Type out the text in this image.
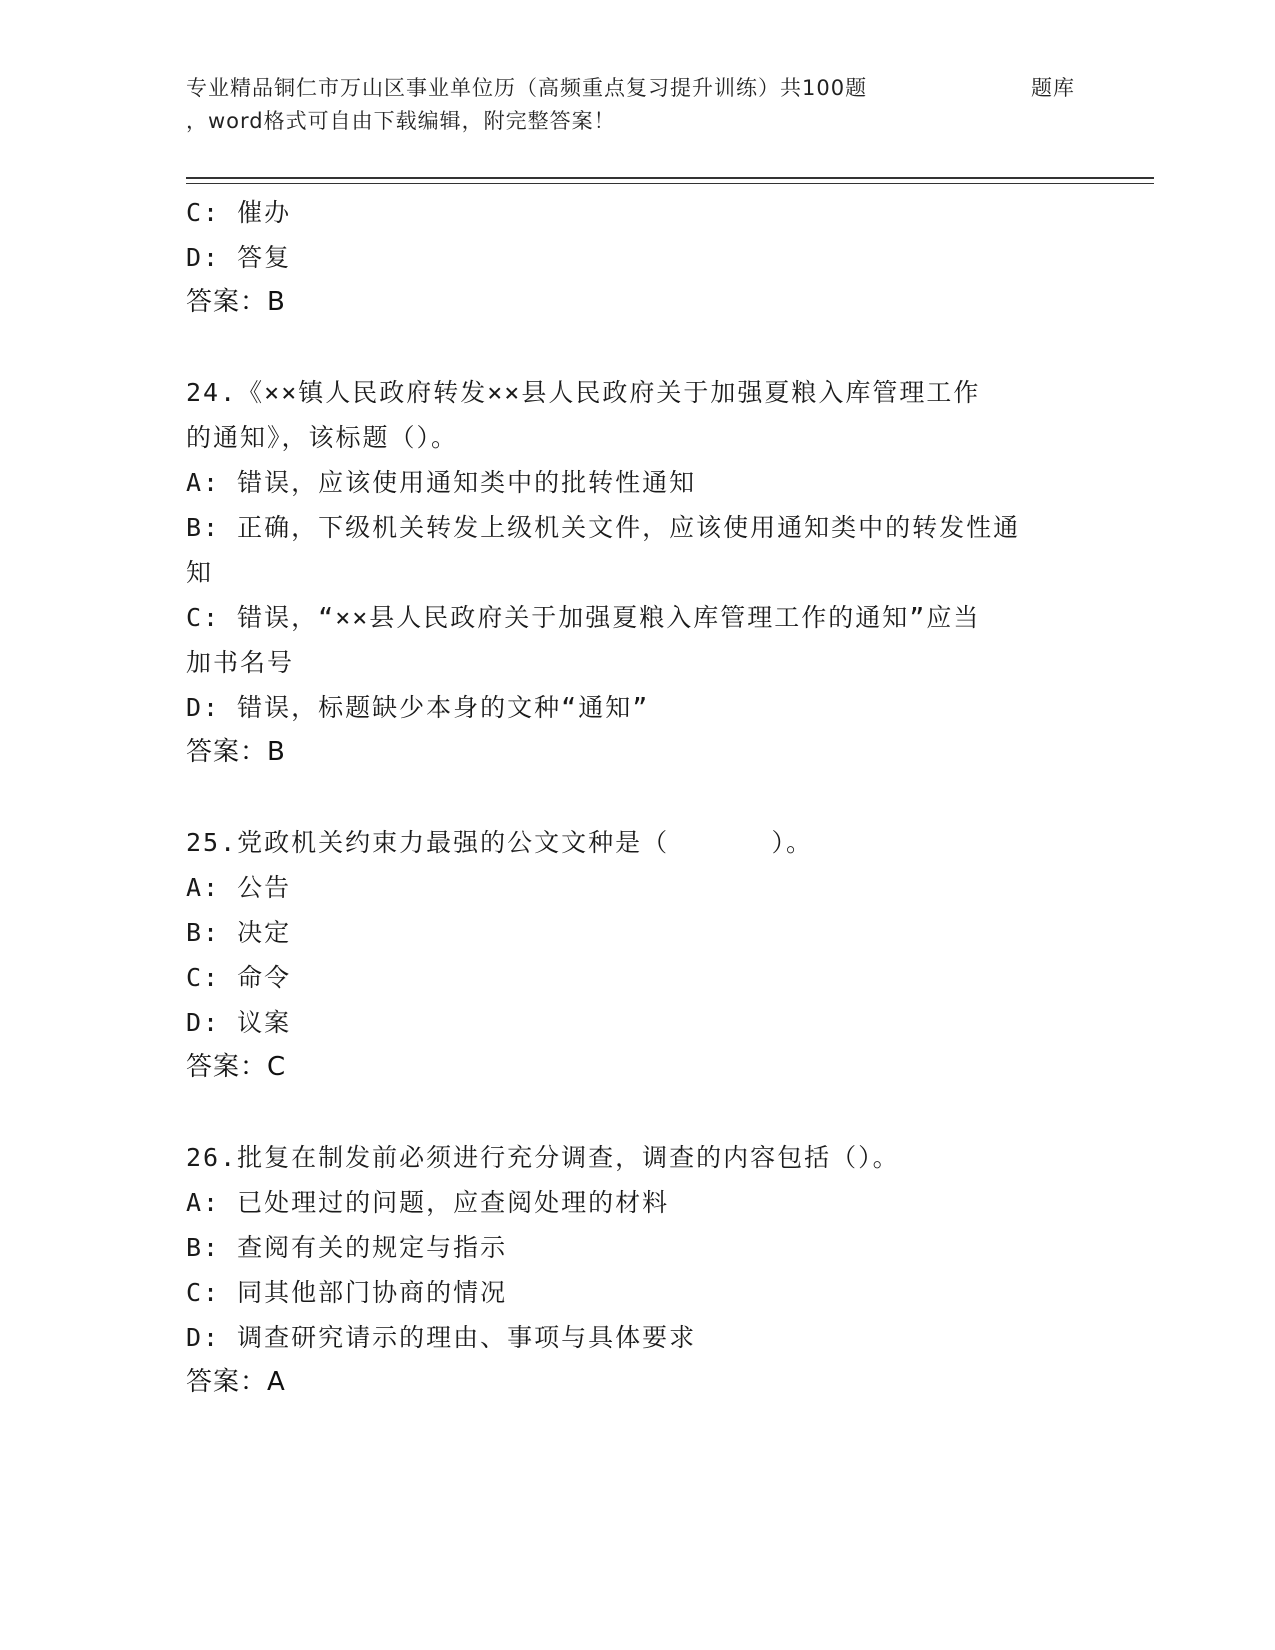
专业精品铜仁市万山区事业单位历（高频重点复习提升训练）共100题	题库
，word格式可自由下载编辑，附完整答案！
C: 催办
D: 答复
答案：B
24.《××镇人民政府转发××县人民政府关于加强夏粮入库管理工作
的通知》，该标题（）。
A: 错误，应该使用通知类中的批转性通知
B: 正确，下级机关转发上级机关文件，应该使用通知类中的转发性通
知
C: 错误，“××县人民政府关于加强夏粮入库管理工作的通知”应当
加书名号
D: 错误，标题缺少本身的文种“通知”
答案：B
25.党政机关约束力最强的公文文种是（      ）。
A: 公告
B: 决定
C: 命令
D: 议案
答案：C
26.批复在制发前必须进行充分调查，调查的内容包括（）。
A: 已处理过的问题，应查阅处理的材料
B: 查阅有关的规定与指示
C: 同其他部门协商的情况
D: 调查研究请示的理由、事项与具体要求
答案：A
